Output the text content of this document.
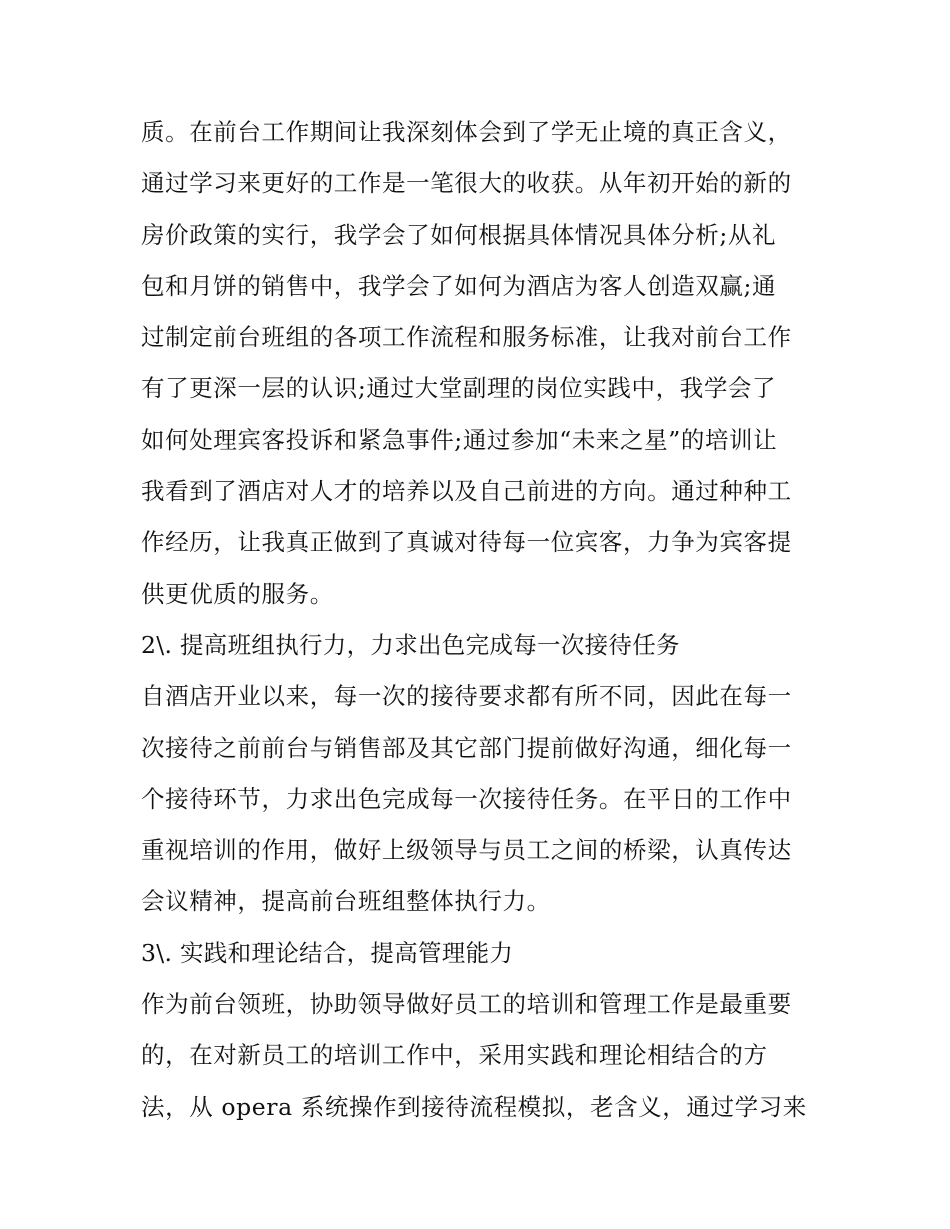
质。在前台工作期间让我深刻体会到了学无止境的真正含义，
通过学习来更好的工作是一笔很大的收获。从年初开始的新的
房价政策的实行，我学会了如何根据具体情况具体分析;从礼
包和月饼的销售中，我学会了如何为酒店为客人创造双赢;通
过制定前台班组的各项工作流程和服务标准，让我对前台工作
有了更深一层的认识;通过大堂副理的岗位实践中，我学会了
如何处理宾客投诉和紧急事件;通过参加“未来之星”的培训让
我看到了酒店对人才的培养以及自己前进的方向。通过种种工
作经历，让我真正做到了真诚对待每一位宾客，力争为宾客提
供更优质的服务。
2\. 提高班组执行力，力求出色完成每一次接待任务
自酒店开业以来，每一次的接待要求都有所不同，因此在每一
次接待之前前台与销售部及其它部门提前做好沟通，细化每一
个接待环节，力求出色完成每一次接待任务。在平日的工作中
重视培训的作用，做好上级领导与员工之间的桥梁，认真传达
会议精神，提高前台班组整体执行力。
3\. 实践和理论结合，提高管理能力
作为前台领班，协助领导做好员工的培训和管理工作是最重要
的，在对新员工的培训工作中，采用实践和理论相结合的方
法，从 opera 系统操作到接待流程模拟，老含义，通过学习来
